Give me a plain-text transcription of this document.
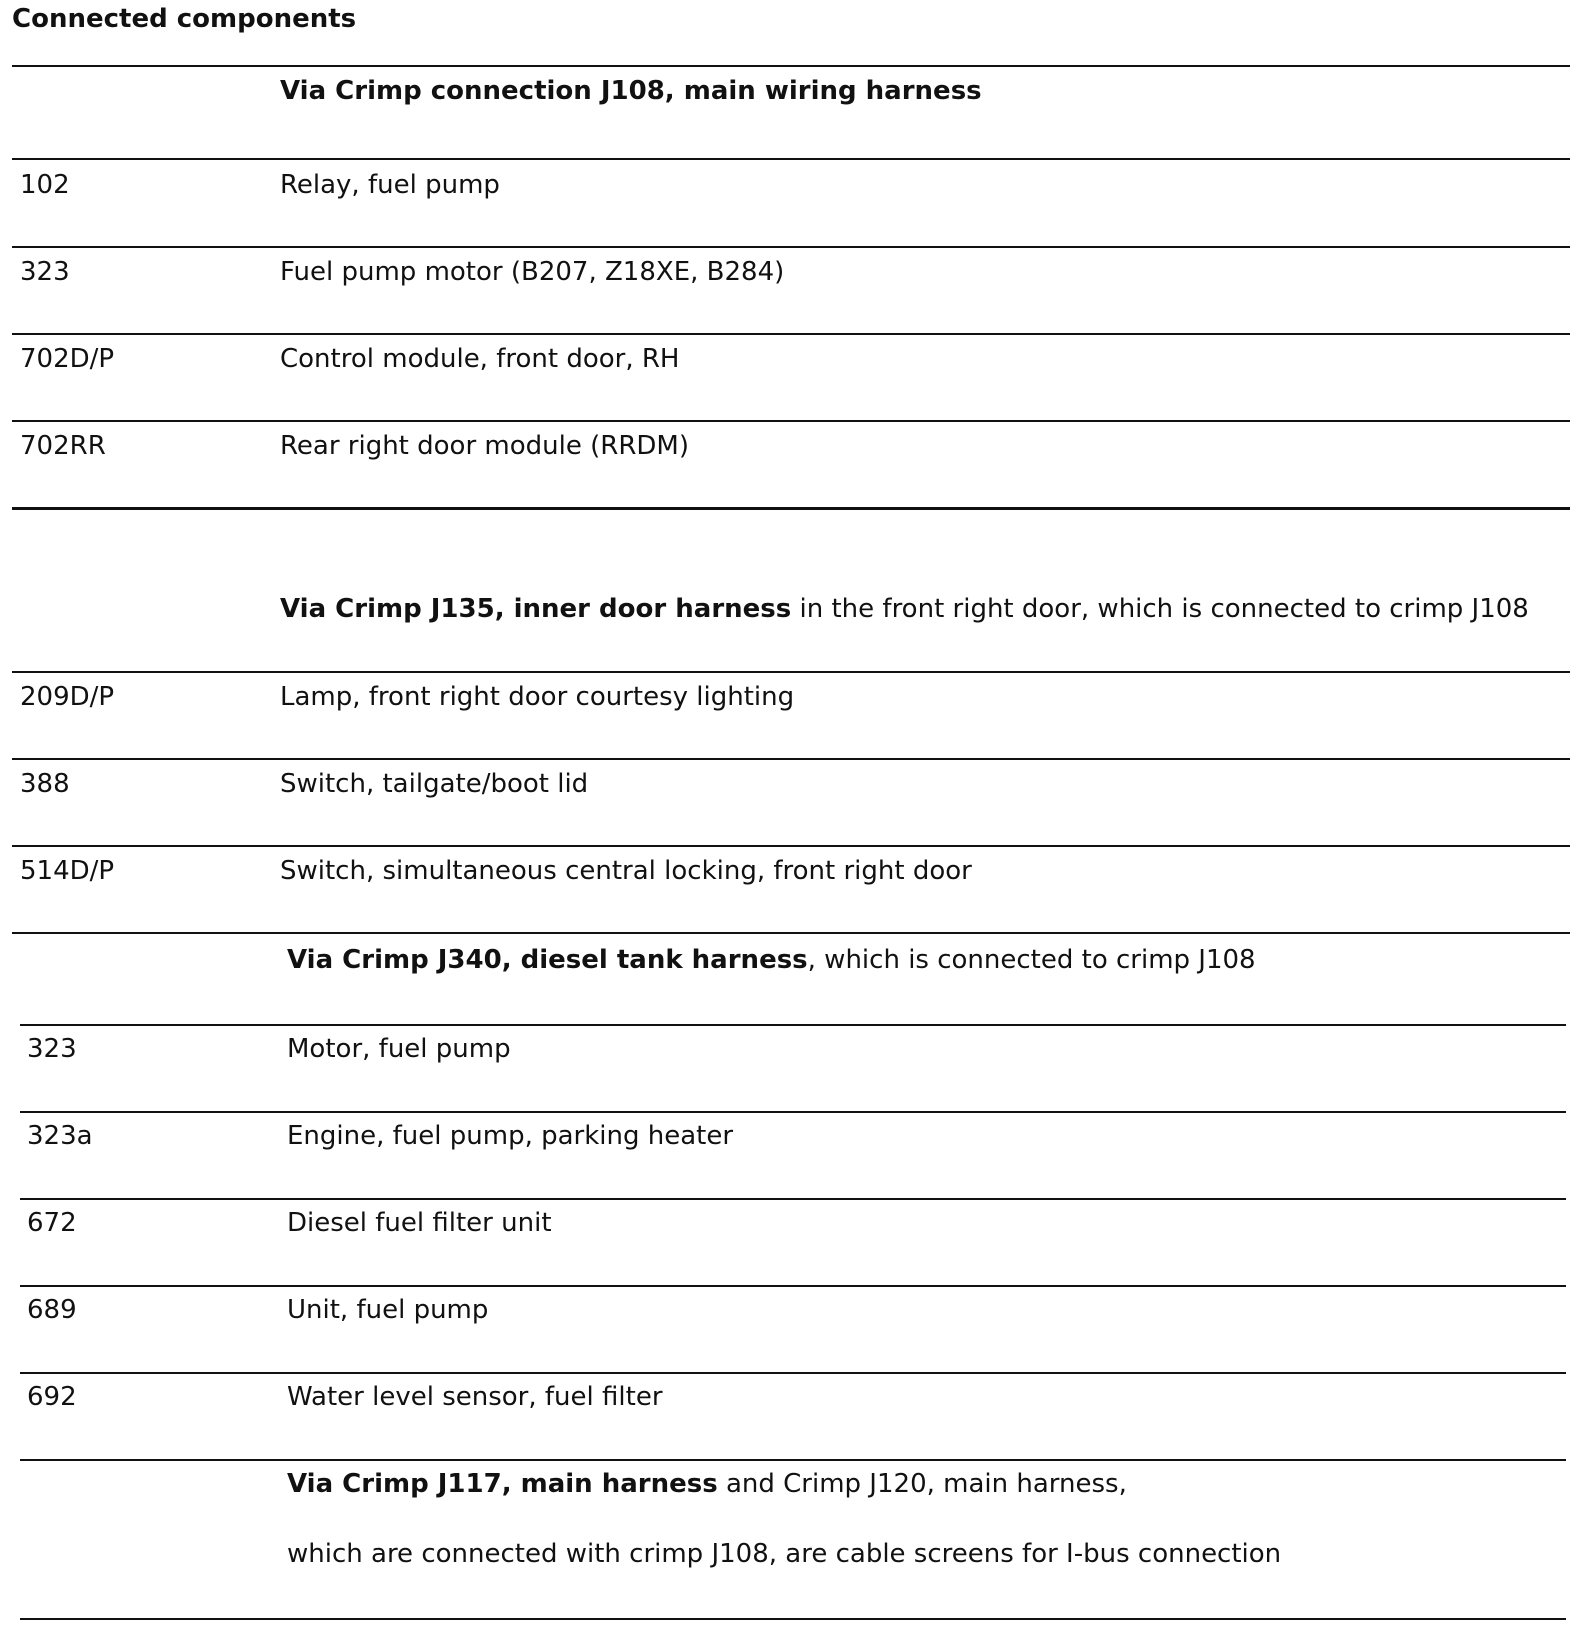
Connected components
Via Crimp connection J108, main wiring harness
102	Relay, fuel pump
323	Fuel pump motor (B207, Z18XE, B284)
702D/P	Control module, front door, RH
702RR	Rear right door module (RRDM)
Via Crimp J135, inner door harness in the front right door, which is connected to crimp J108
209D/P	Lamp, front right door courtesy lighting
388	Switch, tailgate/boot lid
514D/P	Switch, simultaneous central locking, front right door
Via Crimp J340, diesel tank harness, which is connected to crimp J108
323	Motor, fuel pump
323a	Engine, fuel pump, parking heater
672	Diesel fuel filter unit
689	Unit, fuel pump
692	Water level sensor, fuel filter
Via Crimp J117, main harness and Crimp J120, main harness,
which are connected with crimp J108, are cable screens for I-bus connection
